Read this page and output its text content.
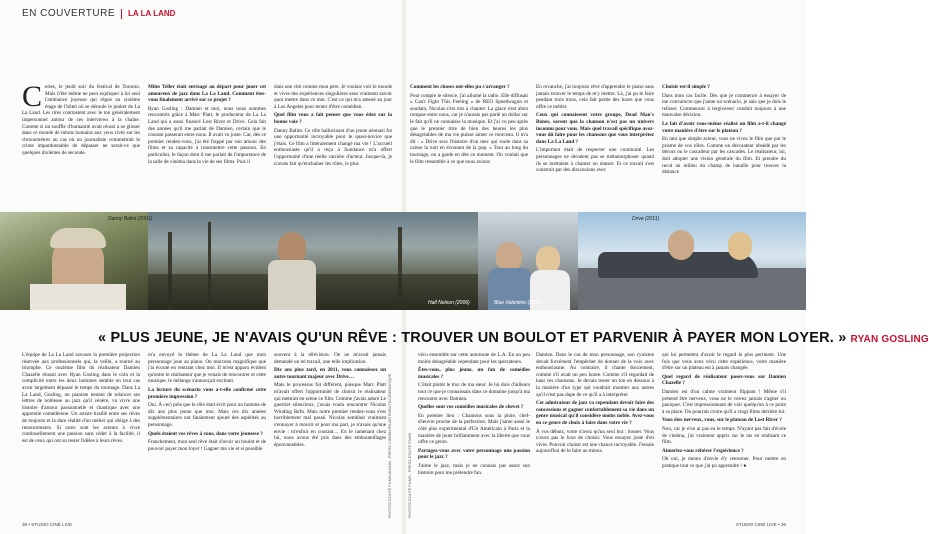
EN COUVERTURE LA LA LAND

Certes, le jeudi soir du festival de Toronto. Mais il'été même ne peut expliquer à lui seul l'ambiance joyeuse qui règne au sixième étage de l'hôtel où se déroule le junket de La La Land. Les rires contrastent avec le ton généralement impersonnel autour de ces interviews à la chaîne. Comme si un souffle d'humanité avait réussi à se glisser dans ce monde de robots humains aux yeux rivés sur les chronomètres au cas où un journaliste commettrait le crime impardonnable de dépasser ne serait-ce que quelques dixièmes de seconde.

Miles Teller était envisagé au départ pour jouer cet amoureux de jazz dans La La Land. Comment êtes-vous finalement arrivé sur ce projet ?

Ryan Gosling : Damien et moi, nous nous sommes rencontrés grâce à Marc Platt, le producteur de La La Land qui a aussi financé Lost River et Drive. Cela fait des années qu'il me parlait de Damien, certain que le courant passerait entre nous. Il avait vu juste. Car, dès ce premier rendez-vous, j'ai été frappé par son amour des films et sa capacité à transmettre cette passion. En particulier, le façon dont il me parlait de l'importance de la salle de cinéma dans la vie de ses films. Puis il

dans une cité comme mon père. Je voulais voir le monde et vivre des expériences singulières sans vraiment savoir quoi mettre dans ce mot. C'est ce qui m'a amené au jour à Los Angeles pour tenter d'être comédien.

Quel film vous a fait penser que vous étiez sur la bonne voie ?

Danny Balint. Ce rôle hallucinant d'un jeune néonazi fut une opportunité incroyable pour le quasi-novice que j'étais. Ce film a littéralement changé ma vie ! L'accueil enthousiaste qu'il a reçu à Sundance m'a offert l'opportunité d'une réelle carrière d'acteur. Jusque-là, je n'avais fait qu'enchaîner les rôles, le plus

Comment les choses ont-elles pu s'arranger ?

Pour rompre le silence, j'ai allumé la radio. Elle diffusait « Can't Fight This Feeling » de REO Speedwagon et soudain, Nicolas s'est mis à chanter. La glace s'est alors rompue entre nous, car je n'aurais pas parié un dollar sur le fait qu'il ne connaisse la musique. Et j'ai vu peu après que le premier titre de bien des heures les plus désagréables de ma vie puisse aimer ce morceau. Il m'a dit : « Drive sera l'histoire d'un mec qui roule dans sa caisse la nuit en écoutant de la pop. » Tout au long du tournage, on a garde en tête ce moment. On voulait que le film ressemble à ce que nous avions

En revanche, j'ai toujours rêvé d'apprendre le piano sans jamais trouver le temps de m'y mettre. Là, j'ai pu le faire pendant trois mois, cela fait partie des luxes que vous offre ce métier.

Ceux qui connaissent votre groupe, Dead Man's Bones, savent que la chanson n'est pas un univers inconnu pour vous. Mais quel travail spécifique avez-vous dû faire pour les chansons que vous interprétez dans La La Land ?

L'important était de respecter une continuité. Les personnages ne devaient pas se métamorphoser quand ils se mettaient à chanter ou danser. Et ce travail s'est construit par des discussions avec

Choisir est-il simple ?

Dans mon cas facile. Dès que je commence à essayer de me convaincre que j'aime un scénario, je sais que je dois le refuser. Commencer à tergiverser conduit toujours à une mauvaise décision.

Le fait d'avoir vous-même réalisé un film a-t-il changé votre manière d'être sur le plateau ?

En tant que simple acteur, vous ne vivez le film que par le prisme de vos rôles. Comme un décorateur obsédé par les décors ou le cascadeur par les cascades. Le réalisateur, lui, doit adopter une vision générale du film. Et prendre du recul au milieu du champ de bataille pour trouver la distance

Danny Balint (2001)
Half Nelson (2006)	Blue Valentine (2010)
Drive (2011)
« PLUS JEUNE, JE N'AVAIS QU'UN RÊVE : TROUVER UN BOULOT ET PARVENIR À PAYER MON LOYER. » RYAN GOSLING

L'équipe de La La Land savoure la première projection réservée aux professionnels qui, la veille, a tourné au triomphe. Ce onzième film du réalisateur Damien Chazelle réussit avec Ryan Gosling dans le coin et la complicité entre les deux hommes semble en tout cas avoir largement dépassé le temps du tournage. Dans La La Land, Gosling, un pianiste tentant de relancer ses lettres de noblesse au jazz qu'il vénère, va vivre une histoire d'amour passionnelle et chaotique avec une apprentie comédienne. Un artiste tiraillé entre ses rêves de toujours et la dure réalité d'un métier qui oblige à des renoncements. Si rares sont les acteurs à vivre continuellement une passion sans céder à la facilité, il est de ceux qui ont su rester fidèles à leurs rêves.

m'a envoyé le thème de La La Land que mon personnage joue au piano. On morceau magnifique que j'ai écouté en rentrant chez moi. Il m'est apparu évident qu'entre le réalisateur que je venais de rencontrer et cette musique, le mélange s'annonçait excitant.

La lecture du scénario vous a-t-elle confirmé cette première impression ?

Oui. À ceci près que le rôle était écrit pour un homme de dix ans plus jeune que moi. Mais ces dix années supplémentaires ont finalement ajouté des aspérités au personnage.

Quels étaient vos rêves à vous, dans votre jeunesse ?

Franchement, mon seul rêve était d'avoir un boulot et de pouvoir payer mon loyer ! Gagner ma vie et si possible

souvent à la télévision. On ne m'avait jamais demandé un tel travail, une telle implication.

Dix ans plus tard, en 2011, vous connaissez un autre tournant majeur avec Drive…

Mais le processus fut différent, puisque Marc Platt m'avait offert l'opportunité de choisir le réalisateur qui mettrait en scène ce film. Comme j'avais adoré Le guerrier silencieux, j'avais voulu rencontrer Nicolas Winding Refn. Mais notre premier rendez-vous s'est horriblement mal passé. Nicolas semblait vraiment s'ennuyer à mourir et pour ma part, je n'avais qu'une envie : m'enfuir en courant… En le ramenant chez lui, nous avons été pris dans des embouteillages épouvantables.

vécu ensemble sur cette autoroute de L.A. En un peu moins désagréable cependant pour les spectateurs.

Êtes-vous, plus jeune, un fan de comédies musicales ?

C'était plutôt le truc de ma sœur. Je lui dois d'ailleurs tout ce que je connaissais dans ce domaine jusqu'à ma rencontre avec Damien.

Quelles sont vos comédies musicales de chevet ?

En premier lieu : Chantons sous la pluie, chef-d'œuvre proche de la perfection. Mais j'aime aussi le côté plus expérimental d'Un Américain à Paris et la manière de jouer brillamment avec la liberté que vous offre ce genre.

Partagez-vous avec votre personnage une passion pour le jazz ?

J'aime le jazz, mais je ne connais pas assez son histoire pour me prétendre fan.

Damien. Dans le cas de mon personnage, son cynisme devait forcément l'empêcher de donner de la voix avec enthousiasme. Au contraire, il chante doucement, comme s'il avait un peu honte. Comme s'il regardait de haut ces chansons. Je devais rester un ton en dessous à la manière d'un type qui voudrait montrer aux autres qu'il n'est pas dupe de ce qu'il a à interpréter.

Cet admirateur de jazz va cependant devoir faire des concessions et gagner confortablement sa vie dans un genre musical qu'il considère moins noble. Avez-vous eu ce genre de choix à faire dans votre vie ?

À vos débuts, votre n'avez qu'un seul but : bosser. Vous n'avez pas le luxe de choisir. Vous essayez juste d'en vivre. Pouvoir choisir est une chance incroyable. J'essaie aujourd'hui de le faire au mieux.

qui lui permettra d'avoir le regard le plus pertinent. Une fois que vous avez vécu cette expérience, votre manière d'être sur un plateau est à jamais changée.

Quel regard de réalisateur posez-vous sur Damien Chazelle ?

Damien est d'un calme vraiment flippant ! Même s'il prétend être nerveux, vous ne le verrez jamais s'agiter ou paniquer. C'est impressionnant de voir quelqu'un à ce point à sa place. On pourrait croire qu'il a vingt films derrière lui.

Vous êtes nerveux, vous, sur le plateau de Lost River ?

Non, car je n'en ai pas eu le temps. N'ayant pas fait d'école de cinéma, j'ai vraiment appris sur le tas en réalisant ce film.

Aimeriez-vous réitérer l'expérience ?

Oh oui, je meurs d'envie d'y retourner. Pour mettre en pratique tout ce que j'ai pu apprendre ! ●

PHOTOS DOUTE FILMS/ALBUM - PRESS CINEMA/FILMSTRIBUTE/CINEMATIQUE	PHOTOS DOUTE FILMS - PRESS DOUTE FILMS
38 • STUDIO CINÉ LIVE	STUDIO CINÉ LIVE • 39
